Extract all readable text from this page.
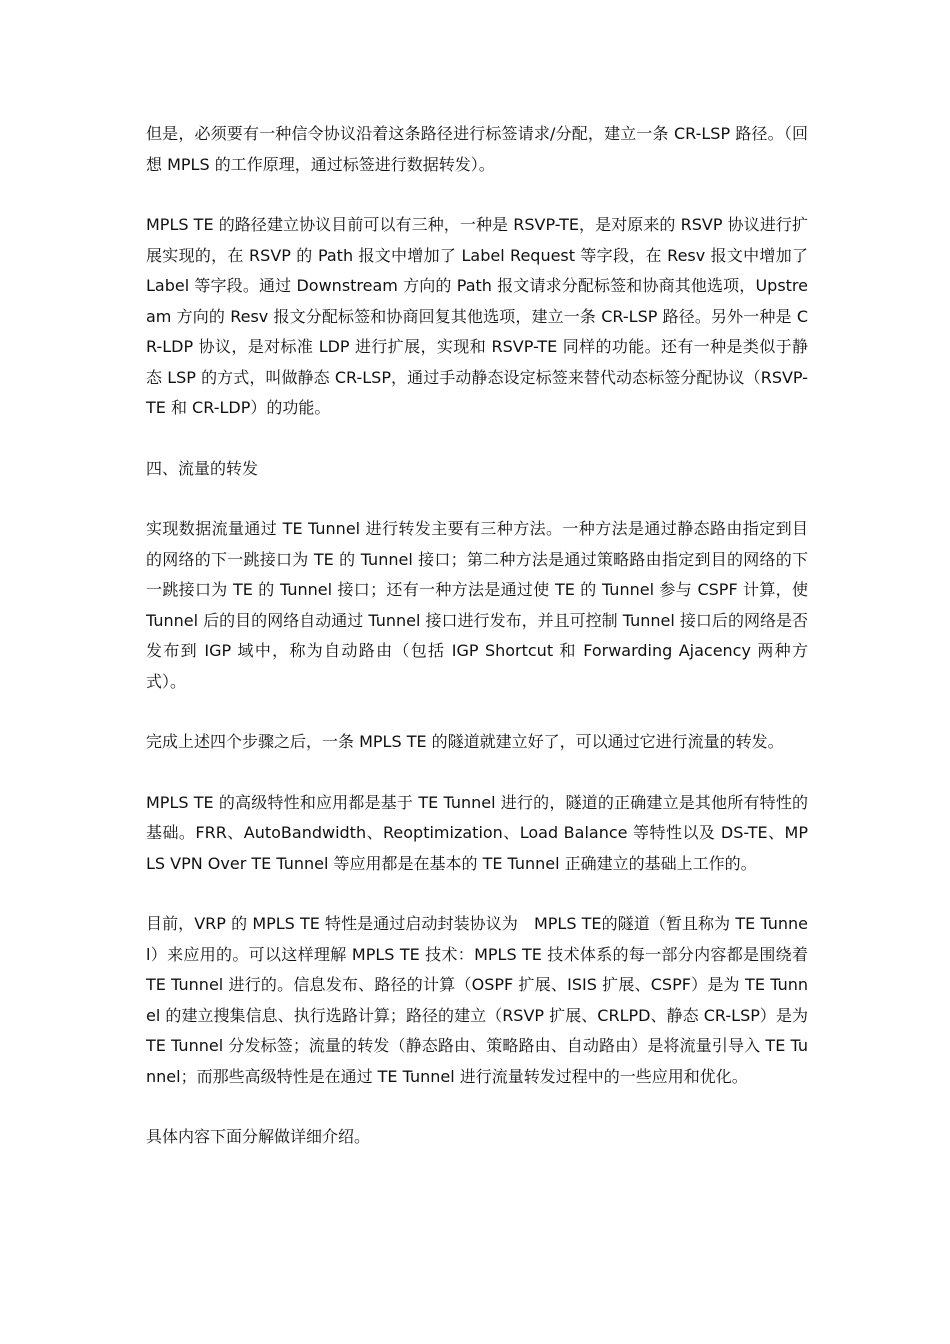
但是，必须要有一种信令协议沿着这条路径进行标签请求/分配，建立一条 CR-LSP 路径。（回想 MPLS 的工作原理，通过标签进行数据转发）。

MPLS TE 的路径建立协议目前可以有三种，一种是 RSVP-TE，是对原来的 RSVP 协议进行扩展实现的，在 RSVP 的 Path 报文中增加了 Label Request 等字段，在 Resv 报文中增加了 Label 等字段。通过 Downstream 方向的 Path 报文请求分配标签和协商其他选项，Upstream 方向的 Resv 报文分配标签和协商回复其他选项，建立一条 CR-LSP 路径。另外一种是 CR-LDP 协议，是对标准 LDP 进行扩展，实现和 RSVP-TE 同样的功能。还有一种是类似于静态 LSP 的方式，叫做静态 CR-LSP，通过手动静态设定标签来替代动态标签分配协议（RSVP-TE 和 CR-LDP）的功能。

四、流量的转发

实现数据流量通过 TE Tunnel 进行转发主要有三种方法。一种方法是通过静态路由指定到目的网络的下一跳接口为 TE 的 Tunnel 接口；第二种方法是通过策略路由指定到目的网络的下一跳接口为 TE 的 Tunnel 接口；还有一种方法是通过使 TE 的 Tunnel 参与 CSPF 计算，使 Tunnel 后的目的网络自动通过 Tunnel 接口进行发布，并且可控制 Tunnel 接口后的网络是否发布到 IGP 域中，称为自动路由（包括 IGP Shortcut 和 Forwarding Ajacency 两种方式）。

完成上述四个步骤之后，一条 MPLS TE 的隧道就建立好了，可以通过它进行流量的转发。

MPLS TE 的高级特性和应用都是基于 TE Tunnel 进行的，隧道的正确建立是其他所有特性的基础。FRR、AutoBandwidth、Reoptimization、Load Balance 等特性以及 DS-TE、MPLS VPN Over TE Tunnel 等应用都是在基本的 TE Tunnel 正确建立的基础上工作的。

目前，VRP 的 MPLS TE 特性是通过启动封装协议为　MPLS TE的隧道（暂且称为 TE Tunnel）来应用的。可以这样理解 MPLS TE 技术：MPLS TE 技术体系的每一部分内容都是围绕着 TE Tunnel 进行的。信息发布、路径的计算（OSPF 扩展、ISIS 扩展、CSPF）是为 TE Tunnel 的建立搜集信息、执行选路计算；路径的建立（RSVP 扩展、CRLPD、静态 CR-LSP）是为 TE Tunnel 分发标签；流量的转发（静态路由、策略路由、自动路由）是将流量引导入 TE Tunnel；而那些高级特性是在通过 TE Tunnel 进行流量转发过程中的一些应用和优化。

具体内容下面分解做详细介绍。
